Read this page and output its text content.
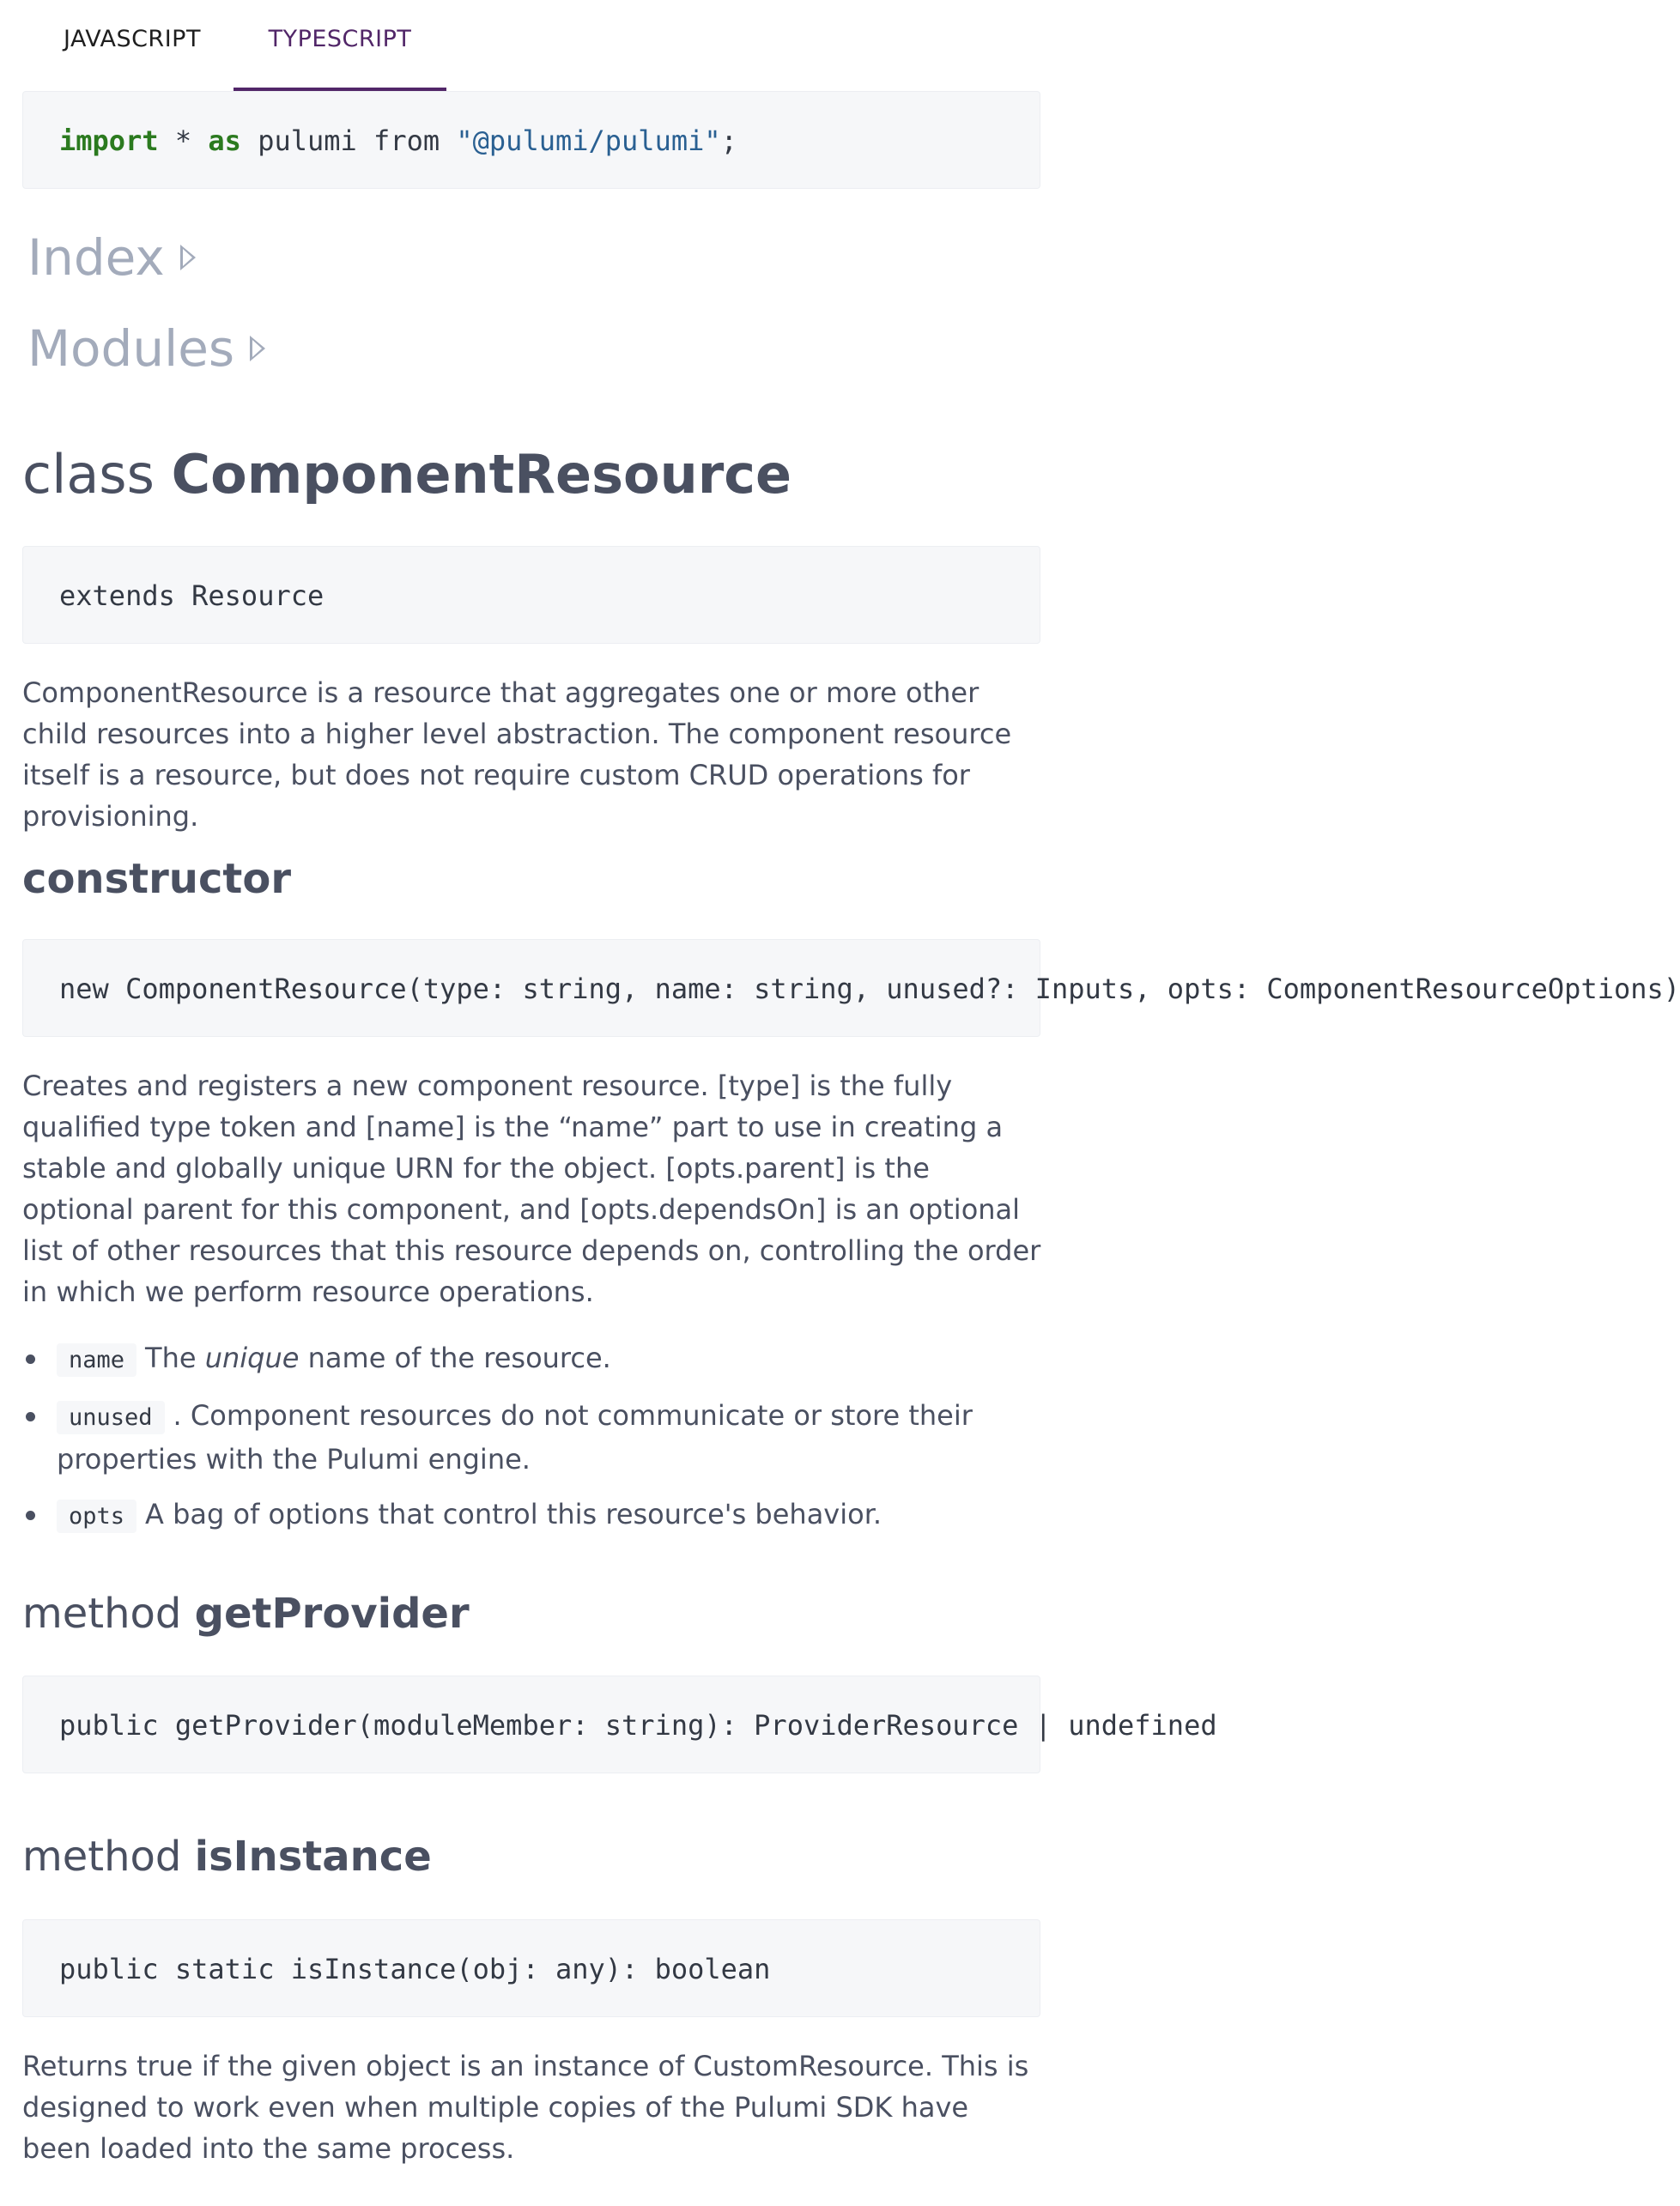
JAVASCRIPT	TYPESCRIPT
import * as pulumi from "@pulumi/pulumi";
Index
Modules
class ComponentResource
extends Resource
ComponentResource is a resource that aggregates one or more other child resources into a higher level abstraction. The component resource itself is a resource, but does not require custom CRUD operations for provisioning.
constructor
new ComponentResource(type: string, name: string, unused?: Inputs, opts: ComponentResourceOptions)
Creates and registers a new component resource. [type] is the fully qualified type token and [name] is the “name” part to use in creating a stable and globally unique URN for the object. [opts.parent] is the optional parent for this component, and [opts.dependsOn] is an optional list of other resources that this resource depends on, controlling the order in which we perform resource operations.
name The unique name of the resource.
unused . Component resources do not communicate or store their properties with the Pulumi engine.
opts A bag of options that control this resource's behavior.
method getProvider
public getProvider(moduleMember: string): ProviderResource | undefined
method isInstance
public static isInstance(obj: any): boolean
Returns true if the given object is an instance of CustomResource. This is designed to work even when multiple copies of the Pulumi SDK have been loaded into the same process.
